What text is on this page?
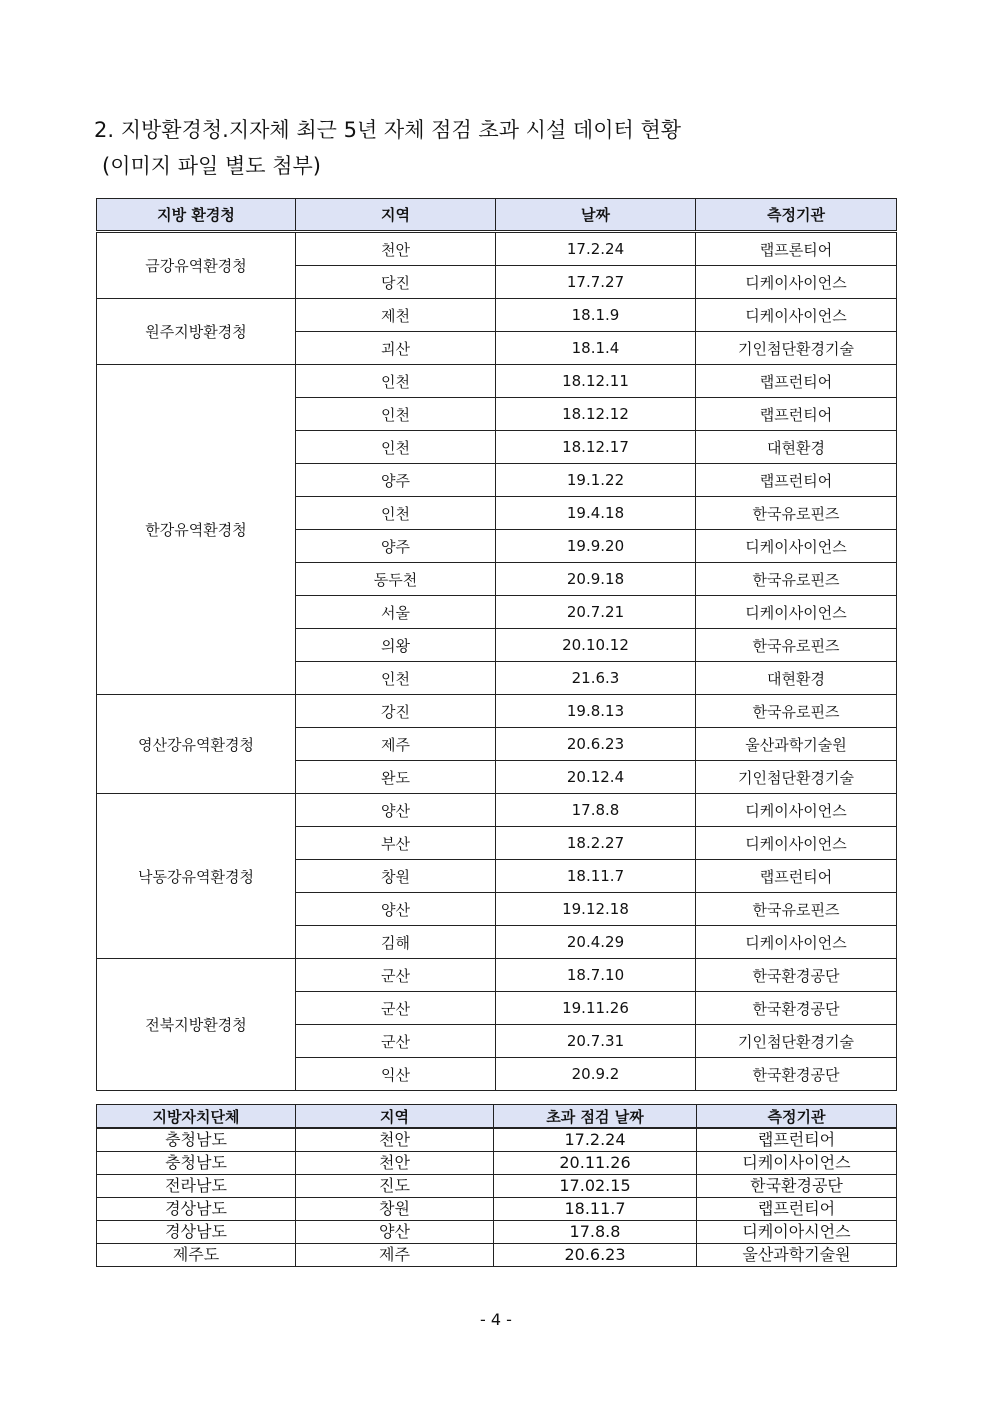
2. 지방환경청.지자체 최근 5년 자체 점검 초과 시설 데이터 현황
(이미지 파일 별도 첨부)
지방 환경청	지역	날짜	측정기관
금강유역환경청	천안	17.2.24	랩프론티어
	당진	17.7.27	디케이사이언스
원주지방환경청	제천	18.1.9	디케이사이언스
	괴산	18.1.4	기인첨단환경기술
한강유역환경청	인천	18.12.11	랩프런티어
	인천	18.12.12	랩프런티어
	인천	18.12.17	대현환경
	양주	19.1.22	랩프런티어
	인천	19.4.18	한국유로핀즈
	양주	19.9.20	디케이사이언스
	동두천	20.9.18	한국유로핀즈
	서울	20.7.21	디케이사이언스
	의왕	20.10.12	한국유로핀즈
	인천	21.6.3	대현환경
영산강유역환경청	강진	19.8.13	한국유로핀즈
	제주	20.6.23	울산과학기술원
	완도	20.12.4	기인첨단환경기술
낙동강유역환경청	양산	17.8.8	디케이사이언스
	부산	18.2.27	디케이사이언스
	창원	18.11.7	랩프런티어
	양산	19.12.18	한국유로핀즈
	김해	20.4.29	디케이사이언스
전북지방환경청	군산	18.7.10	한국환경공단
	군산	19.11.26	한국환경공단
	군산	20.7.31	기인첨단환경기술
	익산	20.9.2	한국환경공단
지방자치단체	지역	초과 점검 날짜	측정기관
충청남도	천안	17.2.24	랩프런티어
충청남도	천안	20.11.26	디케이사이언스
전라남도	진도	17.02.15	한국환경공단
경상남도	창원	18.11.7	랩프런티어
경상남도	양산	17.8.8	디케이아시언스
제주도	제주	20.6.23	울산과학기술원
- 4 -
